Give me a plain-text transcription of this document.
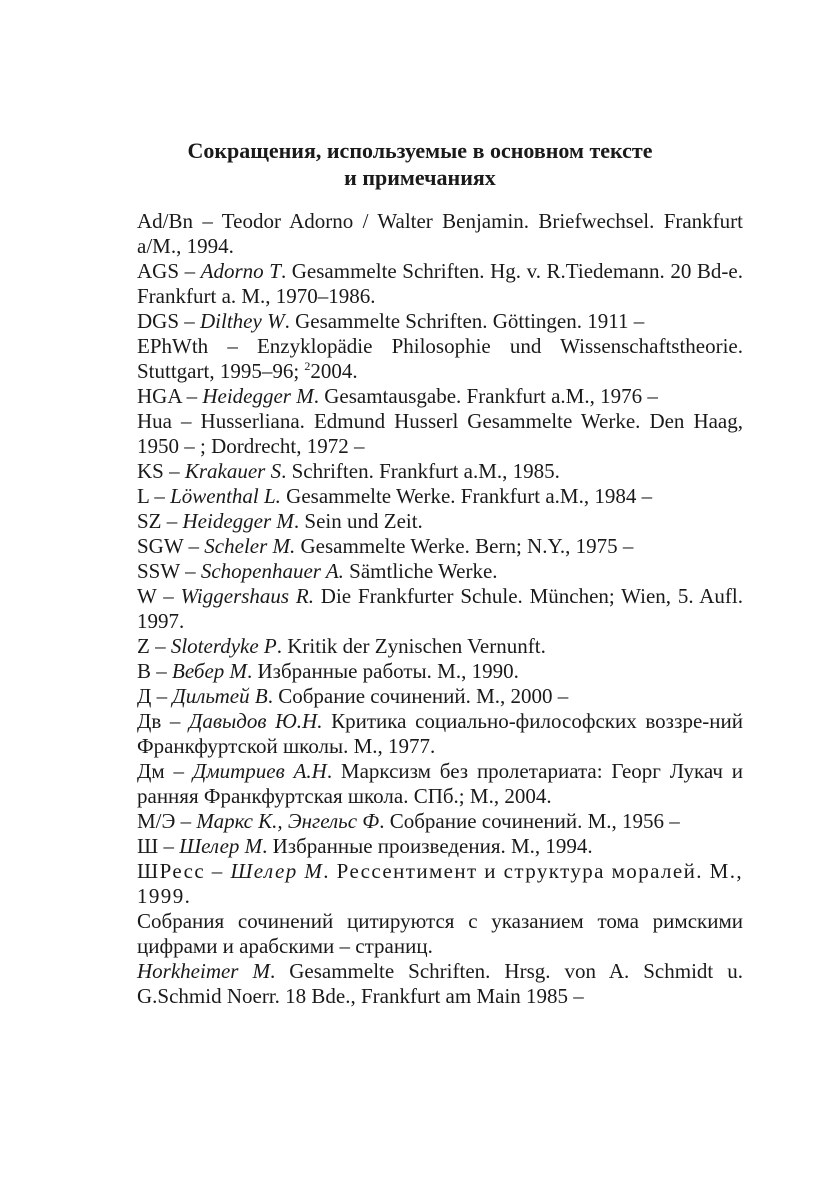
Сокращения, используемые в основном тексте
и примечаниях
Ad/Bn – Teodor Adorno / Walter Benjamin. Briefwechsel. Frankfurt a/M., 1994.
AGS – Adorno T. Gesammelte Schriften. Hg. v. R.Tiedemann. 20 Bd-e. Frankfurt a. M., 1970–1986.
DGS – Dilthey W. Gesammelte Schriften. Göttingen. 1911 –
EPhWth – Enzyklopädie Philosophie und Wissenschaftstheorie. Stuttgart, 1995–96; $^2$2004.
HGA – Heidegger M. Gesamtausgabe. Frankfurt a.M., 1976 –
Hua – Husserliana. Edmund Husserl Gesammelte Werke. Den Haag, 1950 – ; Dordrecht, 1972 –
KS – Krakauer S. Schriften. Frankfurt a.M., 1985.
L – Löwenthal L. Gesammelte Werke. Frankfurt a.M., 1984 –
SZ – Heidegger M. Sein und Zeit.
SGW – Scheler M. Gesammelte Werke. Bern; N.Y., 1975 –
SSW – Schopenhauer A. Sämtliche Werke.
W – Wiggershaus R. Die Frankfurter Schule. München; Wien, 5. Aufl. 1997.
Z – Sloterdyke P. Kritik der Zynischen Vernunft.
В – Вебер М. Избранные работы. М., 1990.
Д – Дильтей В. Собрание сочинений. М., 2000 –
Дв – Давыдов Ю.Н. Критика социально-философских воззре-ний Франкфуртской школы. М., 1977.
Дм – Дмитриев А.Н. Марксизм без пролетариата: Георг Лукач и ранняя Франкфуртская школа. СПб.; М., 2004.
М/Э – Маркс К., Энгельс Ф. Собрание сочинений. М., 1956 –
Ш – Шелер М. Избранные произведения. М., 1994.
ШРесс – Шелер М. Рессентимент и структура моралей. М., 1999.
Собрания сочинений цитируются с указанием тома римскими цифрами и арабскими – страниц.
Horkheimer M. Gesammelte Schriften. Hrsg. von A. Schmidt u. G.Schmid Noerr. 18 Bde., Frankfurt am Main 1985 –
